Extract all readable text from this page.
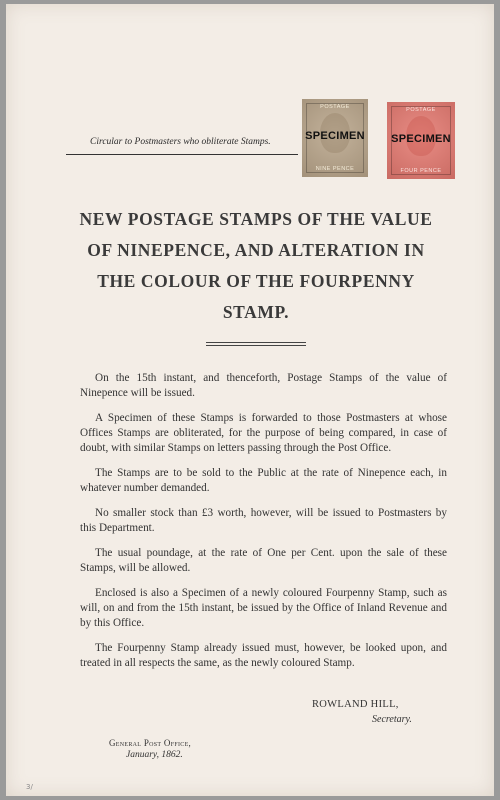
Circular to Postmasters who obliterate Stamps.
POSTAGE
SPECIMEN
NINE PENCE
POSTAGE
SPECIMEN
FOUR PENCE
NEW POSTAGE STAMPS OF THE VALUE OF NINEPENCE, AND ALTERATION IN THE COLOUR OF THE FOURPENNY STAMP.

On the 15th instant, and thenceforth, Postage Stamps of the value of Ninepence will be issued.

A Specimen of these Stamps is forwarded to those Postmasters at whose Offices Stamps are obliterated, for the purpose of being compared, in case of doubt, with similar Stamps on letters passing through the Post Office.

The Stamps are to be sold to the Public at the rate of Ninepence each, in whatever number demanded.

No smaller stock than £3 worth, however, will be issued to Postmasters by this Department.

The usual poundage, at the rate of One per Cent. upon the sale of these Stamps, will be allowed.

Enclosed is also a Specimen of a newly coloured Fourpenny Stamp, such as will, on and from the 15th instant, be issued by the Office of Inland Revenue and by this Office.

The Fourpenny Stamp already issued must, however, be looked upon, and treated in all respects the same, as the newly coloured Stamp.

ROWLAND HILL,
Secretary.
General Post Office,
January, 1862.
3/
